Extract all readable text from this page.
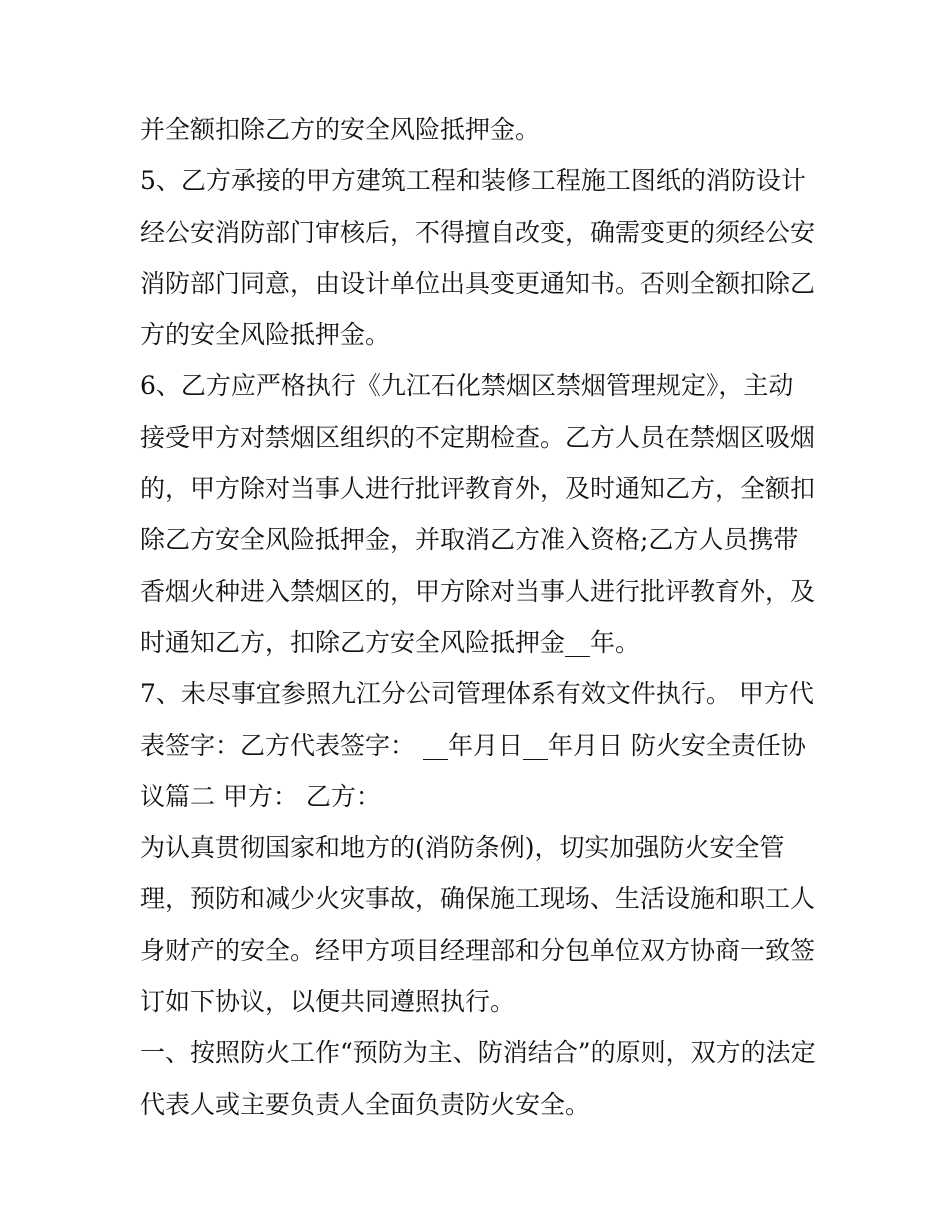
并全额扣除乙方的安全风险抵押金。
5、乙方承接的甲方建筑工程和装修工程施工图纸的消防设计
经公安消防部门审核后，不得擅自改变，确需变更的须经公安
消防部门同意，由设计单位出具变更通知书。否则全额扣除乙
方的安全风险抵押金。
6、乙方应严格执行《九江石化禁烟区禁烟管理规定》，主动
接受甲方对禁烟区组织的不定期检查。乙方人员在禁烟区吸烟
的，甲方除对当事人进行批评教育外，及时通知乙方，全额扣
除乙方安全风险抵押金，并取消乙方准入资格;乙方人员携带
香烟火种进入禁烟区的，甲方除对当事人进行批评教育外，及
时通知乙方，扣除乙方安全风险抵押金__年。
7、未尽事宜参照九江分公司管理体系有效文件执行。 甲方代
表签字：乙方代表签字： __年月日__年月日 防火安全责任协
议篇二 甲方： 乙方：
为认真贯彻国家和地方的(消防条例)，切实加强防火安全管
理，预防和减少火灾事故，确保施工现场、生活设施和职工人
身财产的安全。经甲方项目经理部和分包单位双方协商一致签
订如下协议，以便共同遵照执行。
一、按照防火工作“预防为主、防消结合”的原则，双方的法定
代表人或主要负责人全面负责防火安全。
